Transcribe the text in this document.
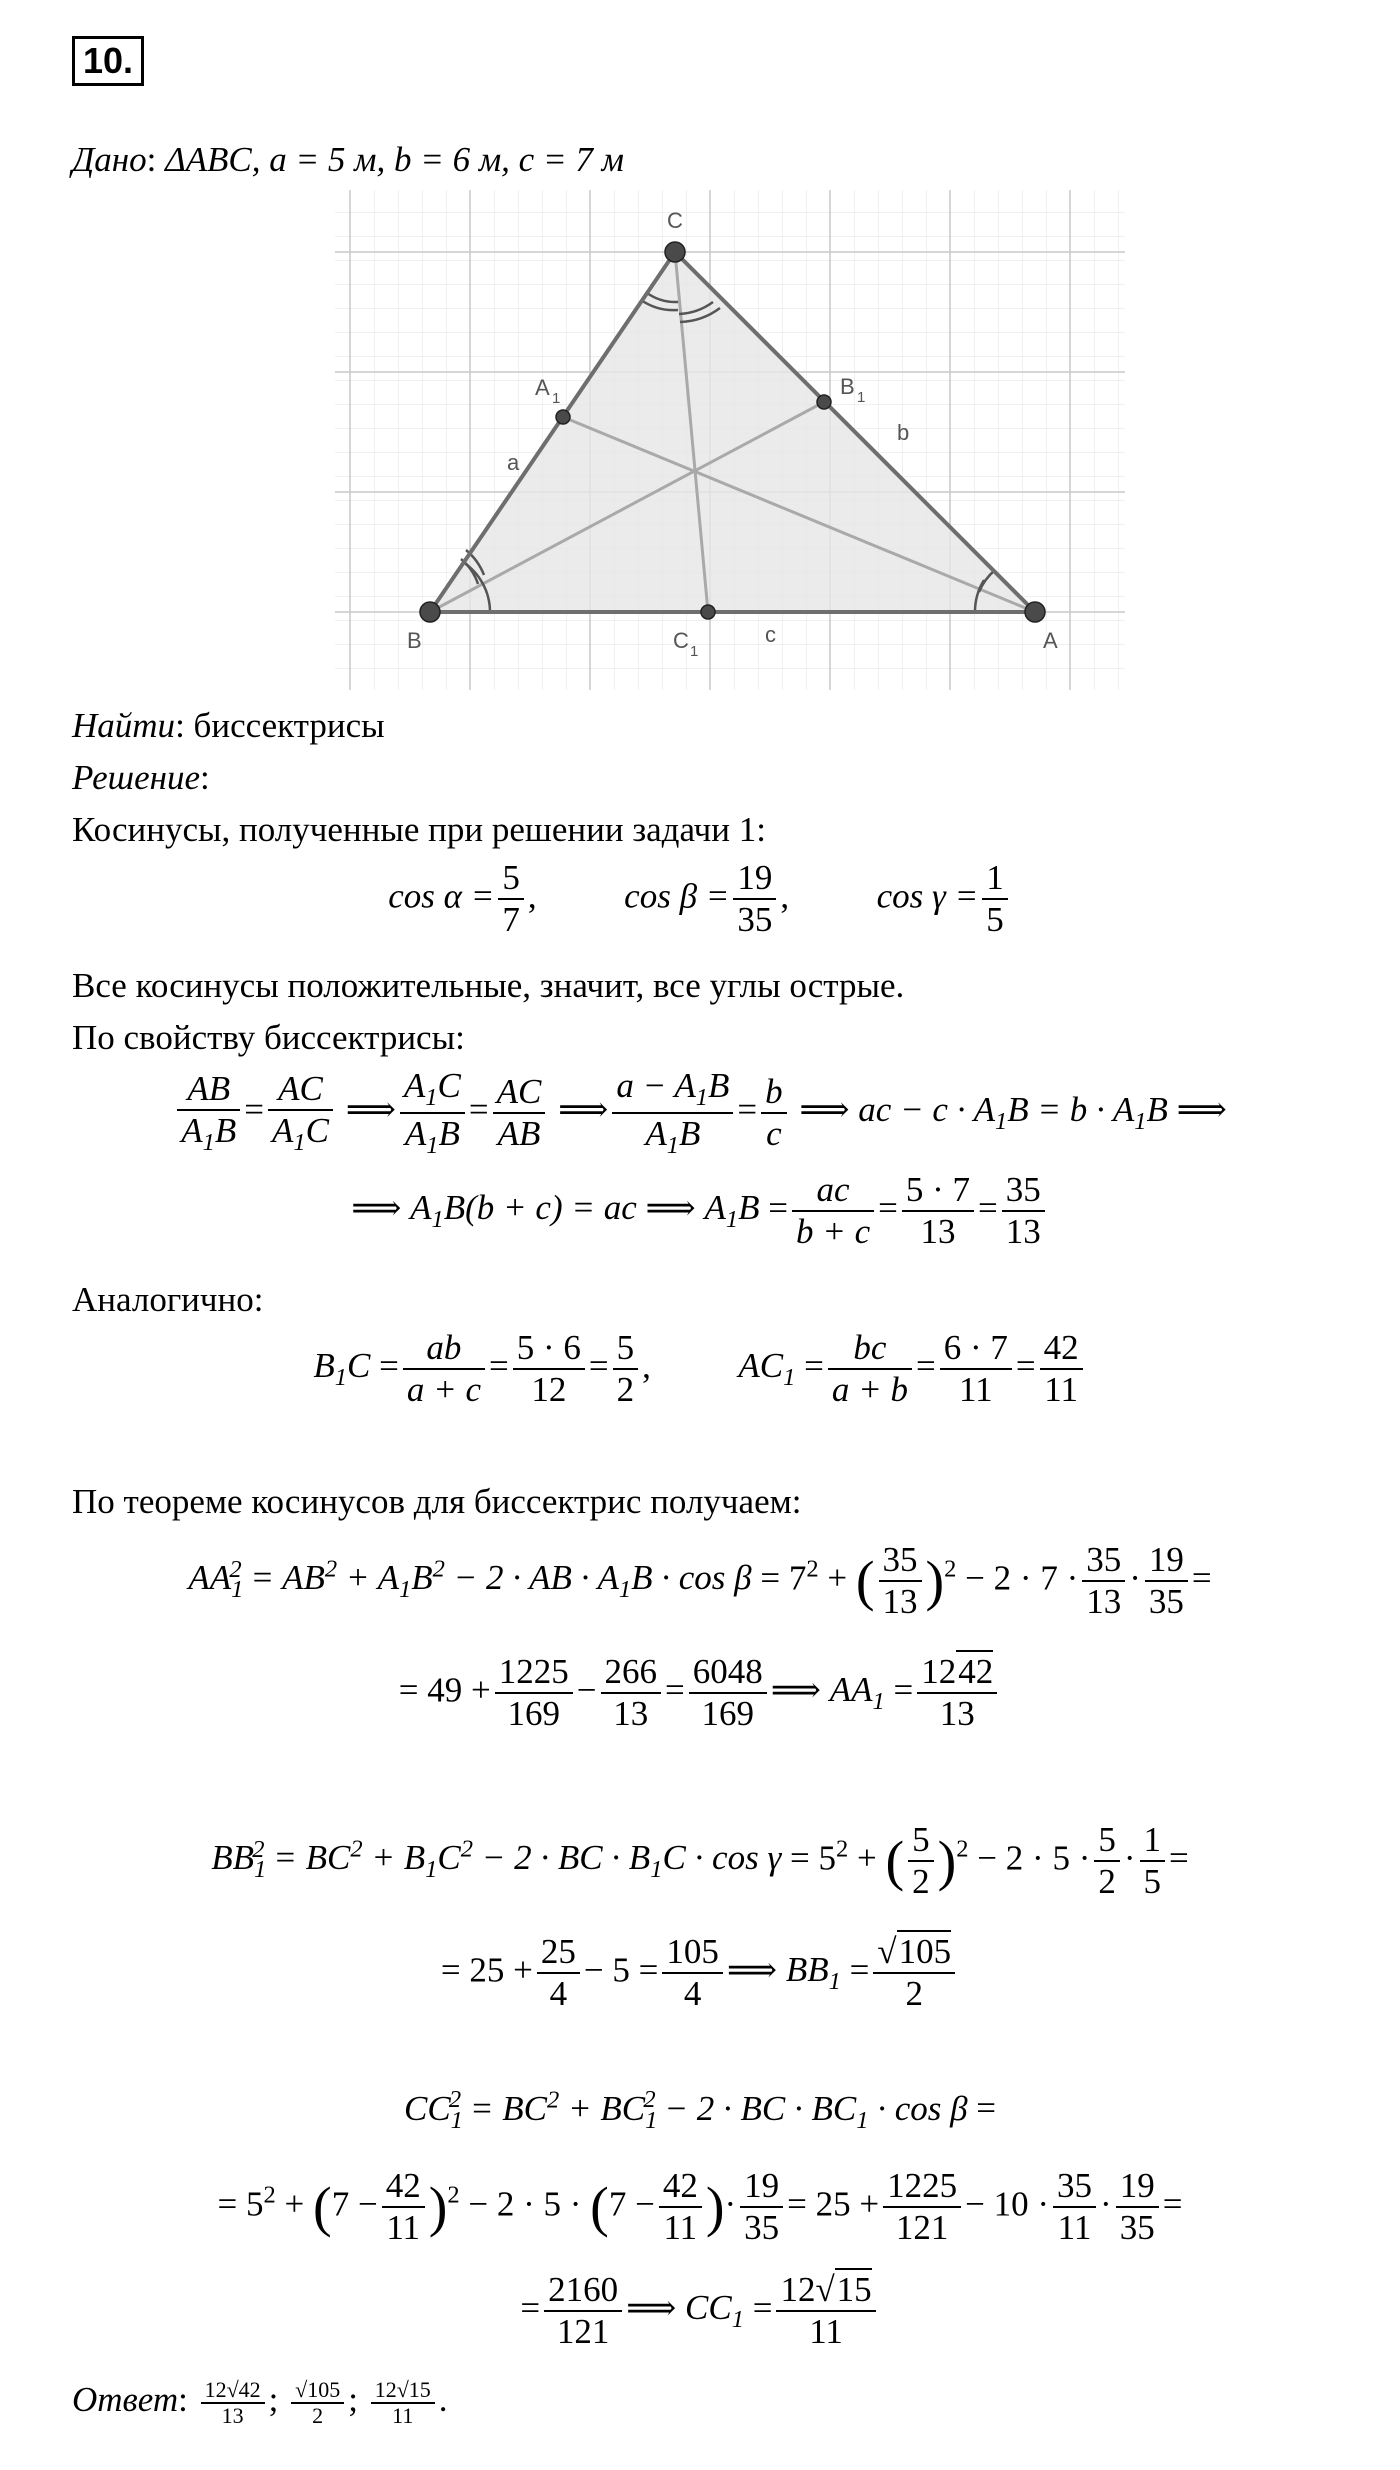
10.
Дано: ΔABC, a = 5 м, b = 6 м, c = 7 м
B	A
C
A 1	B 1
C 1
a
b
c
Найти: биссектрисы
Решение:
Косинусы, полученные при решении задачи 1:
$\cos \alpha = \frac{5}{7}$ ,  $\cos \beta = \frac{19}{35}$ ,  $\cos \gamma = \frac{1}{5}$
Все косинусы положительные, значит, все углы острые.
По свойству биссектрисы:
$\frac{AB}{A_1B} = \frac{AC}{A_1C}$ ⟹ $\frac{A_1C}{A_1B} = \frac{AC}{AB}$ ⟹ $\frac{a - A_1B}{A_1B} = \frac{b}{c}$ ⟹ ac − $c \cdot A_1B = b \cdot A_1B$ ⟹
⟹ $A_1B(b + c)$ = ac ⟹ $A_1B = \frac{ac}{b + c} = \frac{5 \cdot 7}{13} = \frac{35}{13}$
Аналогично:
$B_1C = \frac{ab}{a + c} = \frac{5 \cdot 6}{12} = \frac{5}{2}$ ,  $AC_1 = \frac{bc}{a + b} = \frac{6 \cdot 7}{11} = \frac{42}{11}$
По теореме косинусов для биссектрис получаем:
$AA_1^2 = AB^2 + A_1B^2 - 2$ · AB · $A_1B \cdot \cos \beta = 7^2$ + ( $\frac{35}{13} )^2 - 2 \cdot 7 \cdot \frac{35}{13} \cdot \frac{19}{35}$ =
= $49 + \frac{1225}{169} - \frac{266}{13} = \frac{6048}{169}$ ⟹ $AA_1 = \frac{1242}{13}$
$BB_1^2 = BC^2 + B_1C^2 - 2$ · BC · $B_1C \cdot \cos \gamma = 5^2$ + ( $\frac{5}{2} )^2 - 2 \cdot 5 \cdot \frac{5}{2} \cdot \frac{1}{5}$ =
= $25 + \frac{25}{4} - 5 = \frac{105}{4}$ ⟹ $BB_1 = \frac{√105}{2}$
$CC_1^2 = BC^2 + BC_1^2 - 2$ · BC · $BC_1 \cdot \cos \beta$ =
= $5^2 + (7 - \frac{42}{11} )^2 - 2 \cdot 5 \cdot (7 - \frac{42}{11}$ )· $\frac{19}{35} = 25 + \frac{1225}{121} - 10 \cdot \frac{35}{11} \cdot \frac{19}{35}$ =
= $\frac{2160}{121}$ ⟹ $CC_1 = \frac{12√15}{11}$
Ответ: $\frac{12√42}{13}$ ; $\frac{√105}{2}$ ; $\frac{12√15}{11}$ .
